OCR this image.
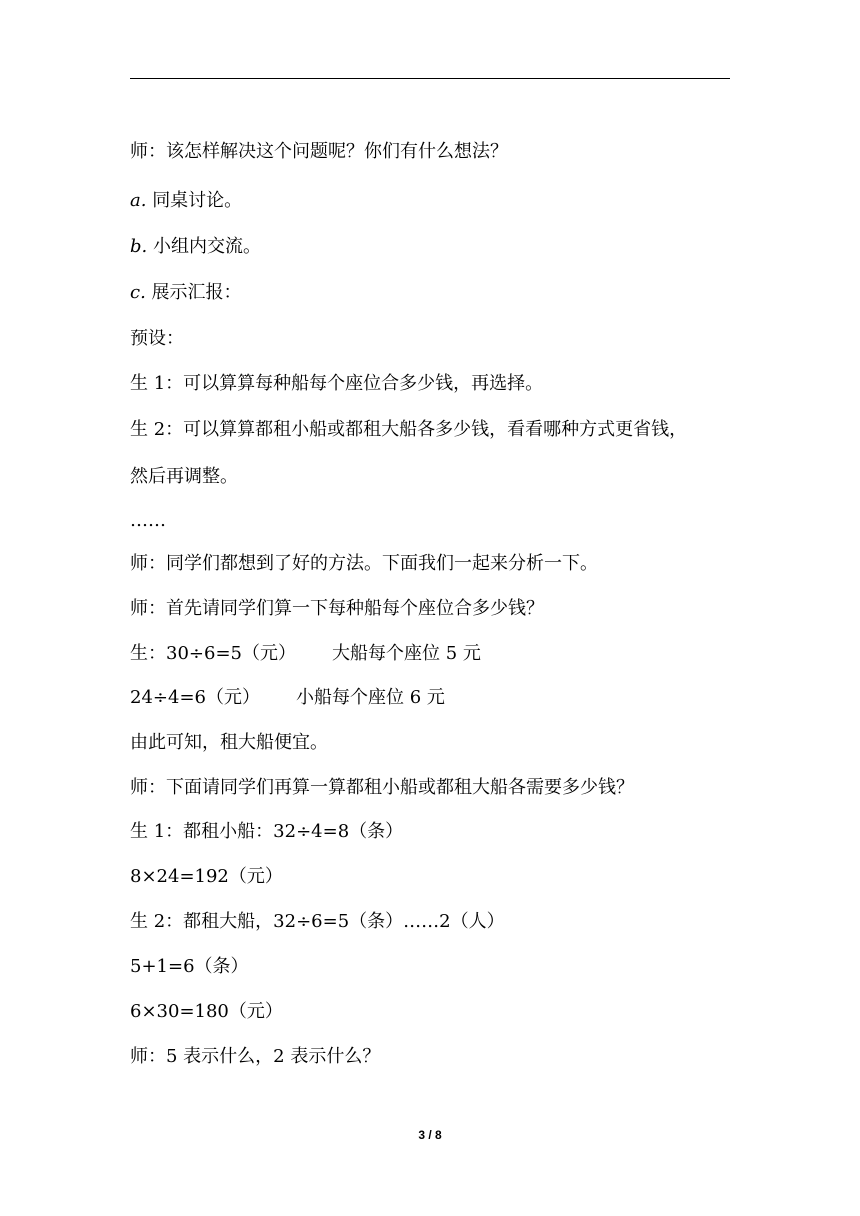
师：该怎样解决这个问题呢？你们有什么想法？
a. 同桌讨论。
b. 小组内交流。
c. 展示汇报：
预设：
生 1：可以算算每种船每个座位合多少钱，再选择。
生 2：可以算算都租小船或都租大船各多少钱，看看哪种方式更省钱，
然后再调整。
……
师：同学们都想到了好的方法。下面我们一起来分析一下。
师：首先请同学们算一下每种船每个座位合多少钱？
生：30÷6=5（元） 大船每个座位 5 元
24÷4=6（元） 小船每个座位 6 元
由此可知，租大船便宜。
师：下面请同学们再算一算都租小船或都租大船各需要多少钱？
生 1：都租小船：32÷4=8（条）
8×24=192（元）
生 2：都租大船，32÷6=5（条）……2（人）
5+1=6（条）
6×30=180（元）
师：5 表示什么，2 表示什么？
3 / 8
